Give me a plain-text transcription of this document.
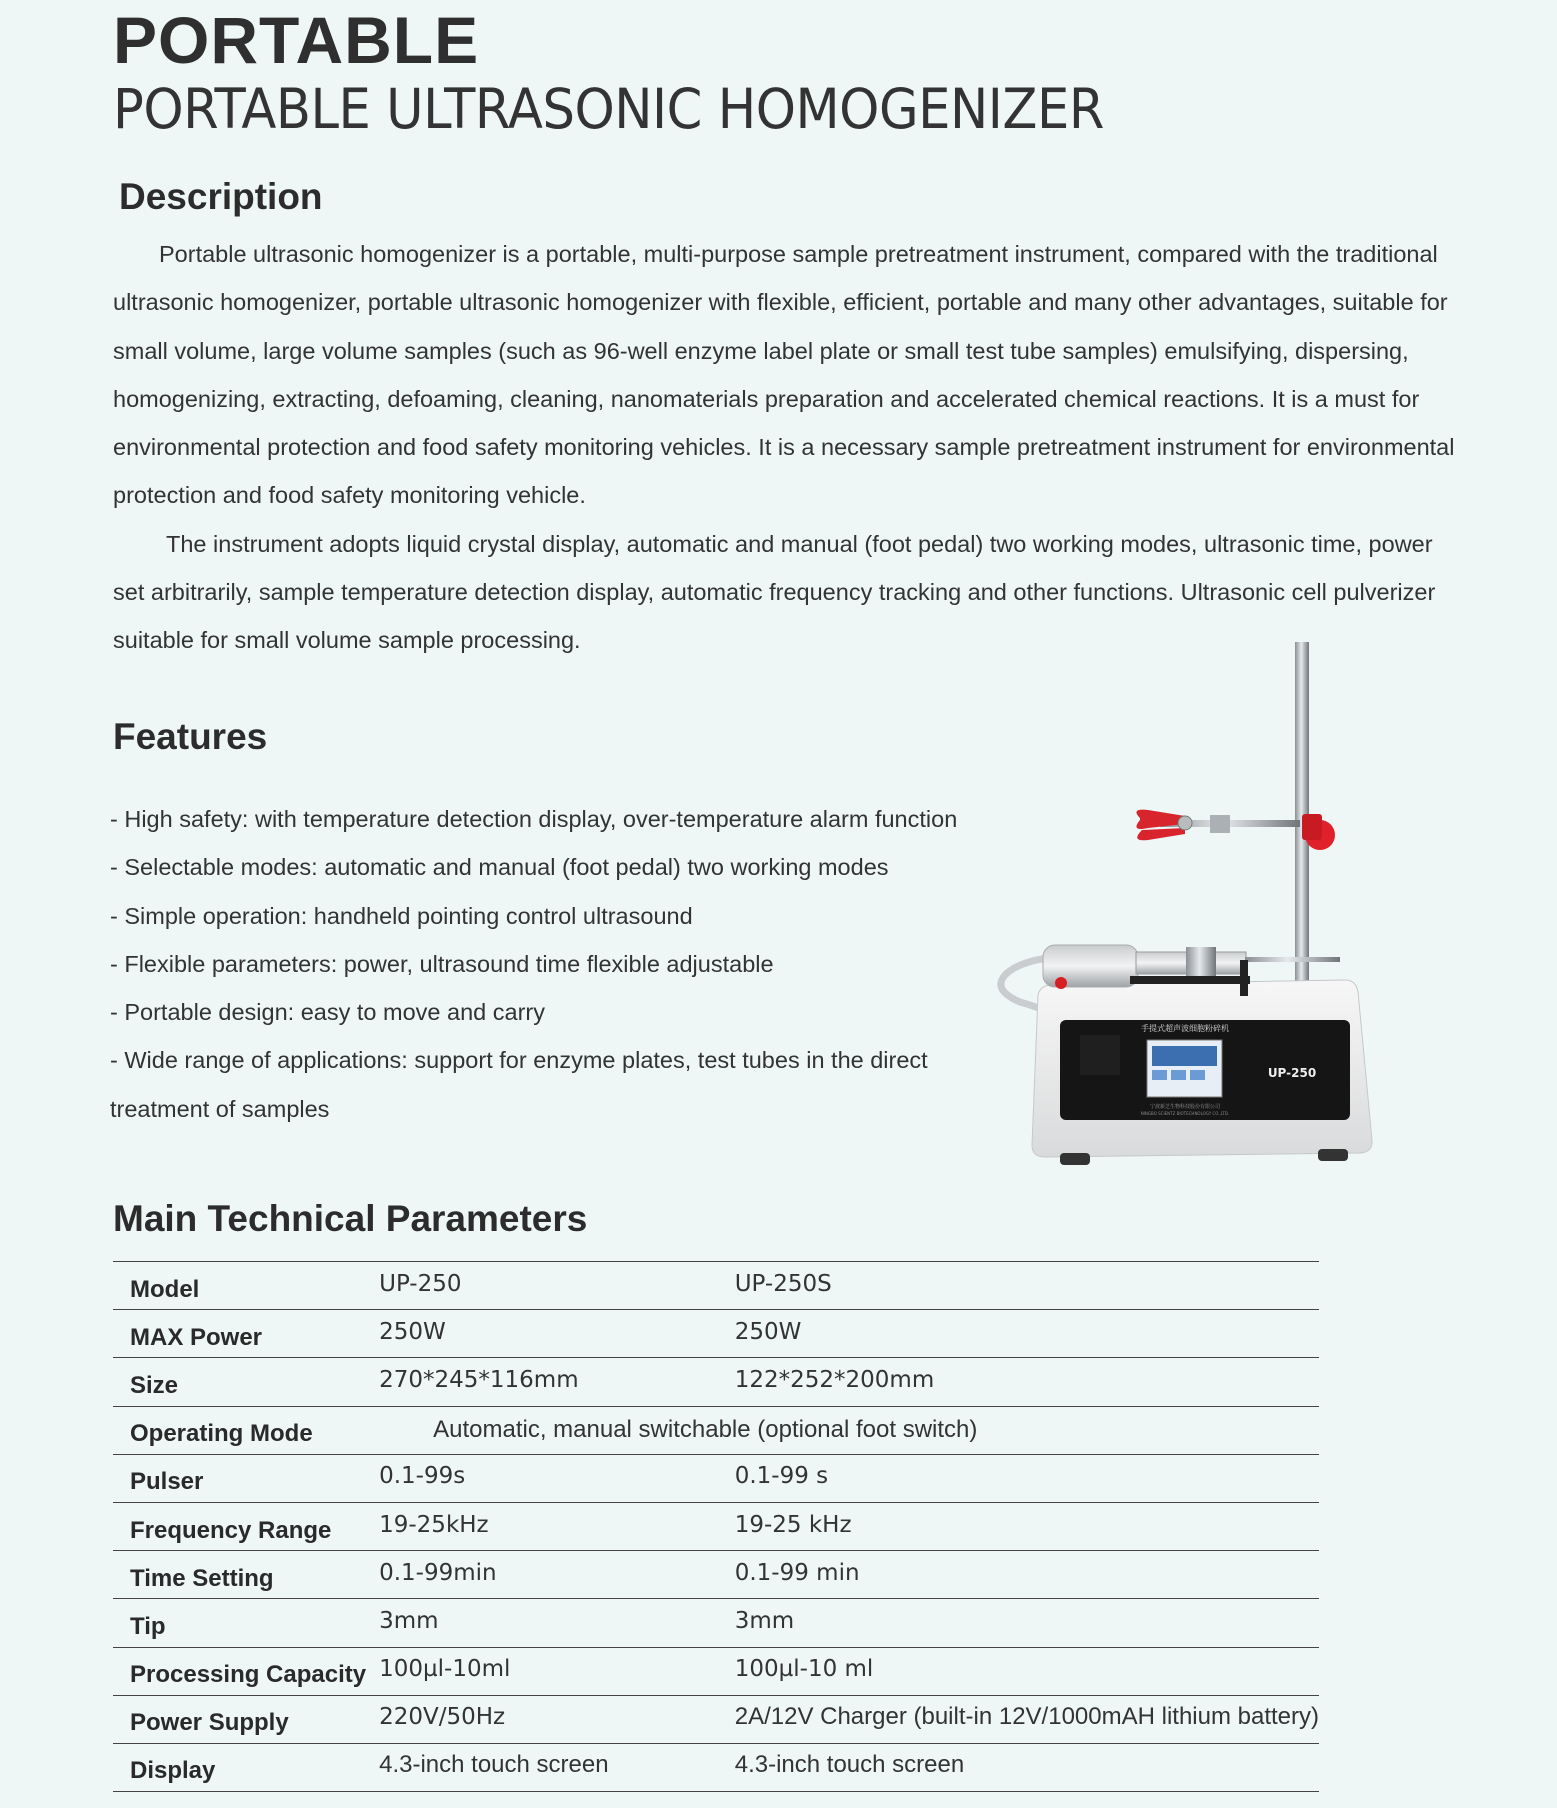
PORTABLE
PORTABLE ULTRASONIC HOMOGENIZER
Description

Portable ultrasonic homogenizer is a portable, multi-purpose sample pretreatment instrument, compared with the traditional ultrasonic homogenizer, portable ultrasonic homogenizer with flexible, efficient, portable and many other advantages, suitable for small volume, large volume samples (such as 96-well enzyme label plate or small test tube samples) emulsifying, dispersing, homogenizing, extracting, defoaming, cleaning, nanomaterials preparation and accelerated chemical reactions. It is a must for environmental protection and food safety monitoring vehicles. It is a necessary sample pretreatment instrument for environmental protection and food safety monitoring vehicle.

The instrument adopts liquid crystal display, automatic and manual (foot pedal) two working modes, ultrasonic time, power set arbitrarily, sample temperature detection display, automatic frequency tracking and other functions. Ultrasonic cell pulverizer suitable for small volume sample processing.

Features
- High safety: with temperature detection display, over-temperature alarm function
- Selectable modes: automatic and manual (foot pedal) two working modes
- Simple operation: handheld pointing control ultrasound
- Flexible parameters: power, ultrasound time flexible adjustable
- Portable design: easy to move and carry
- Wide range of applications: support for enzyme plates, test tubes in the direct treatment of samples
手提式超声波细胞粉碎机
UP-250
宁波新芝生物科技股份有限公司
NINGBO SCIENTZ BIOTECHNOLOGY CO.,LTD.
Main Technical Parameters
Model	UP-250	UP-250S
MAX Power	250W	250W
Size	270*245*116mm	122*252*200mm
Operating Mode	Automatic, manual switchable (optional foot switch)	
Pulser	0.1-99s	0.1-99 s
Frequency Range	19-25kHz	19-25 kHz
Time Setting	0.1-99min	0.1-99 min
Tip	3mm	3mm
Processing Capacity	100µl-10ml	100µl-10 ml
Power Supply	220V/50Hz	2A/12V Charger (built-in 12V/1000mAH lithium battery)
Display	4.3-inch touch screen	4.3-inch touch screen
